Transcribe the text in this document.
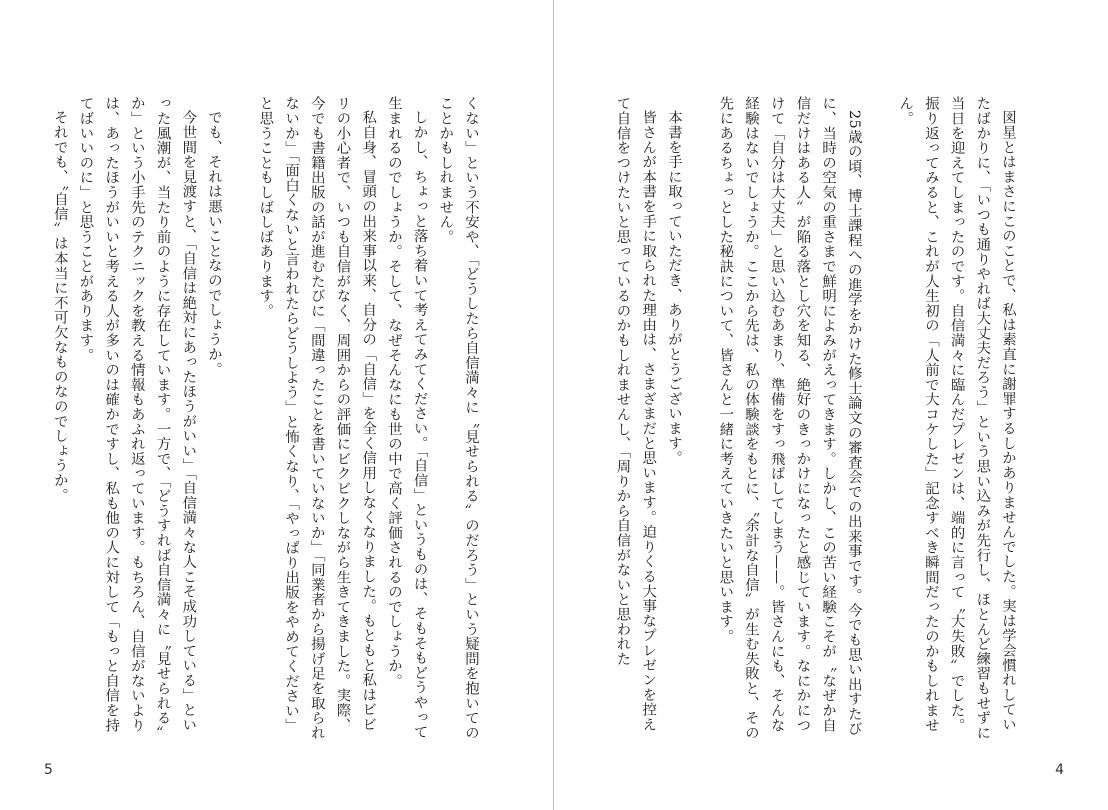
くない」という不安や、「どうしたら自信満々に〝見せられる〟のだろう」という疑問を抱いてのことかもしれません。

しかし、ちょっと落ち着いて考えてみてください。「自信」というものは、そもそもどうやって生まれるのでしょうか。そして、なぜそんなにも世の中で高く評価されるのでしょうか。

私自身、冒頭の出来事以来、自分の「自信」を全く信用しなくなりました。もともと私はビビリの小心者で、いつも自信がなく、周囲からの評価にビクビクしながら生きてきました。実際、今でも書籍出版の話が進むたびに「間違ったことを書いていないか」「同業者から揚げ足を取られないか」「面白くないと言われたらどうしよう」と怖くなり、「やっぱり出版をやめてください」と思うこともしばしばあります。

でも、それは悪いことなのでしょうか。

今世間を見渡すと、「自信は絶対にあったほうがいい」「自信満々な人こそ成功している」といった風潮が、当たり前のように存在しています。一方で、「どうすれば自信満々に〝見せられる〟か」という小手先のテクニックを教える情報もあふれ返っています。もちろん、自信がないよりは、あったほうがいいと考える人が多いのは確かですし、私も他の人に対して「もっと自信を持てばいいのに」と思うことがあります。

それでも、〝自信〟は本当に不可欠なものなのでしょうか。

5

図星とはまさにこのことで、私は素直に謝罪するしかありませんでした。実は学会慣れしていたばかりに、「いつも通りやれば大丈夫だろう」という思い込みが先行し、ほとんど練習もせずに当日を迎えてしまったのです。自信満々に臨んだプレゼンは、端的に言って〝大失敗〟でした。振り返ってみると、これが人生初の「人前で大コケした」記念すべき瞬間だったのかもしれません。

25歳の頃、博士課程への進学をかけた修士論文の審査会での出来事です。今でも思い出すたびに、当時の空気の重さまで鮮明によみがえってきます。しかし、この苦い経験こそが〝なぜか自信だけはある人〟が陥る落とし穴を知る、絶好のきっかけになったと感じています。なにかにつけて「自分は大丈夫」と思い込むあまり、準備をすっ飛ばしてしまう——。皆さんにも、そんな経験はないでしょうか。ここから先は、私の体験談をもとに、〝余計な自信〟が生む失敗と、その先にあるちょっとした秘訣について、皆さんと一緒に考えていきたいと思います。

本書を手に取っていただき、ありがとうございます。

皆さんが本書を手に取られた理由は、さまざまだと思います。迫りくる大事なプレゼンを控えて自信をつけたいと思っているのかもしれませんし、「周りから自信がないと思われた

4
